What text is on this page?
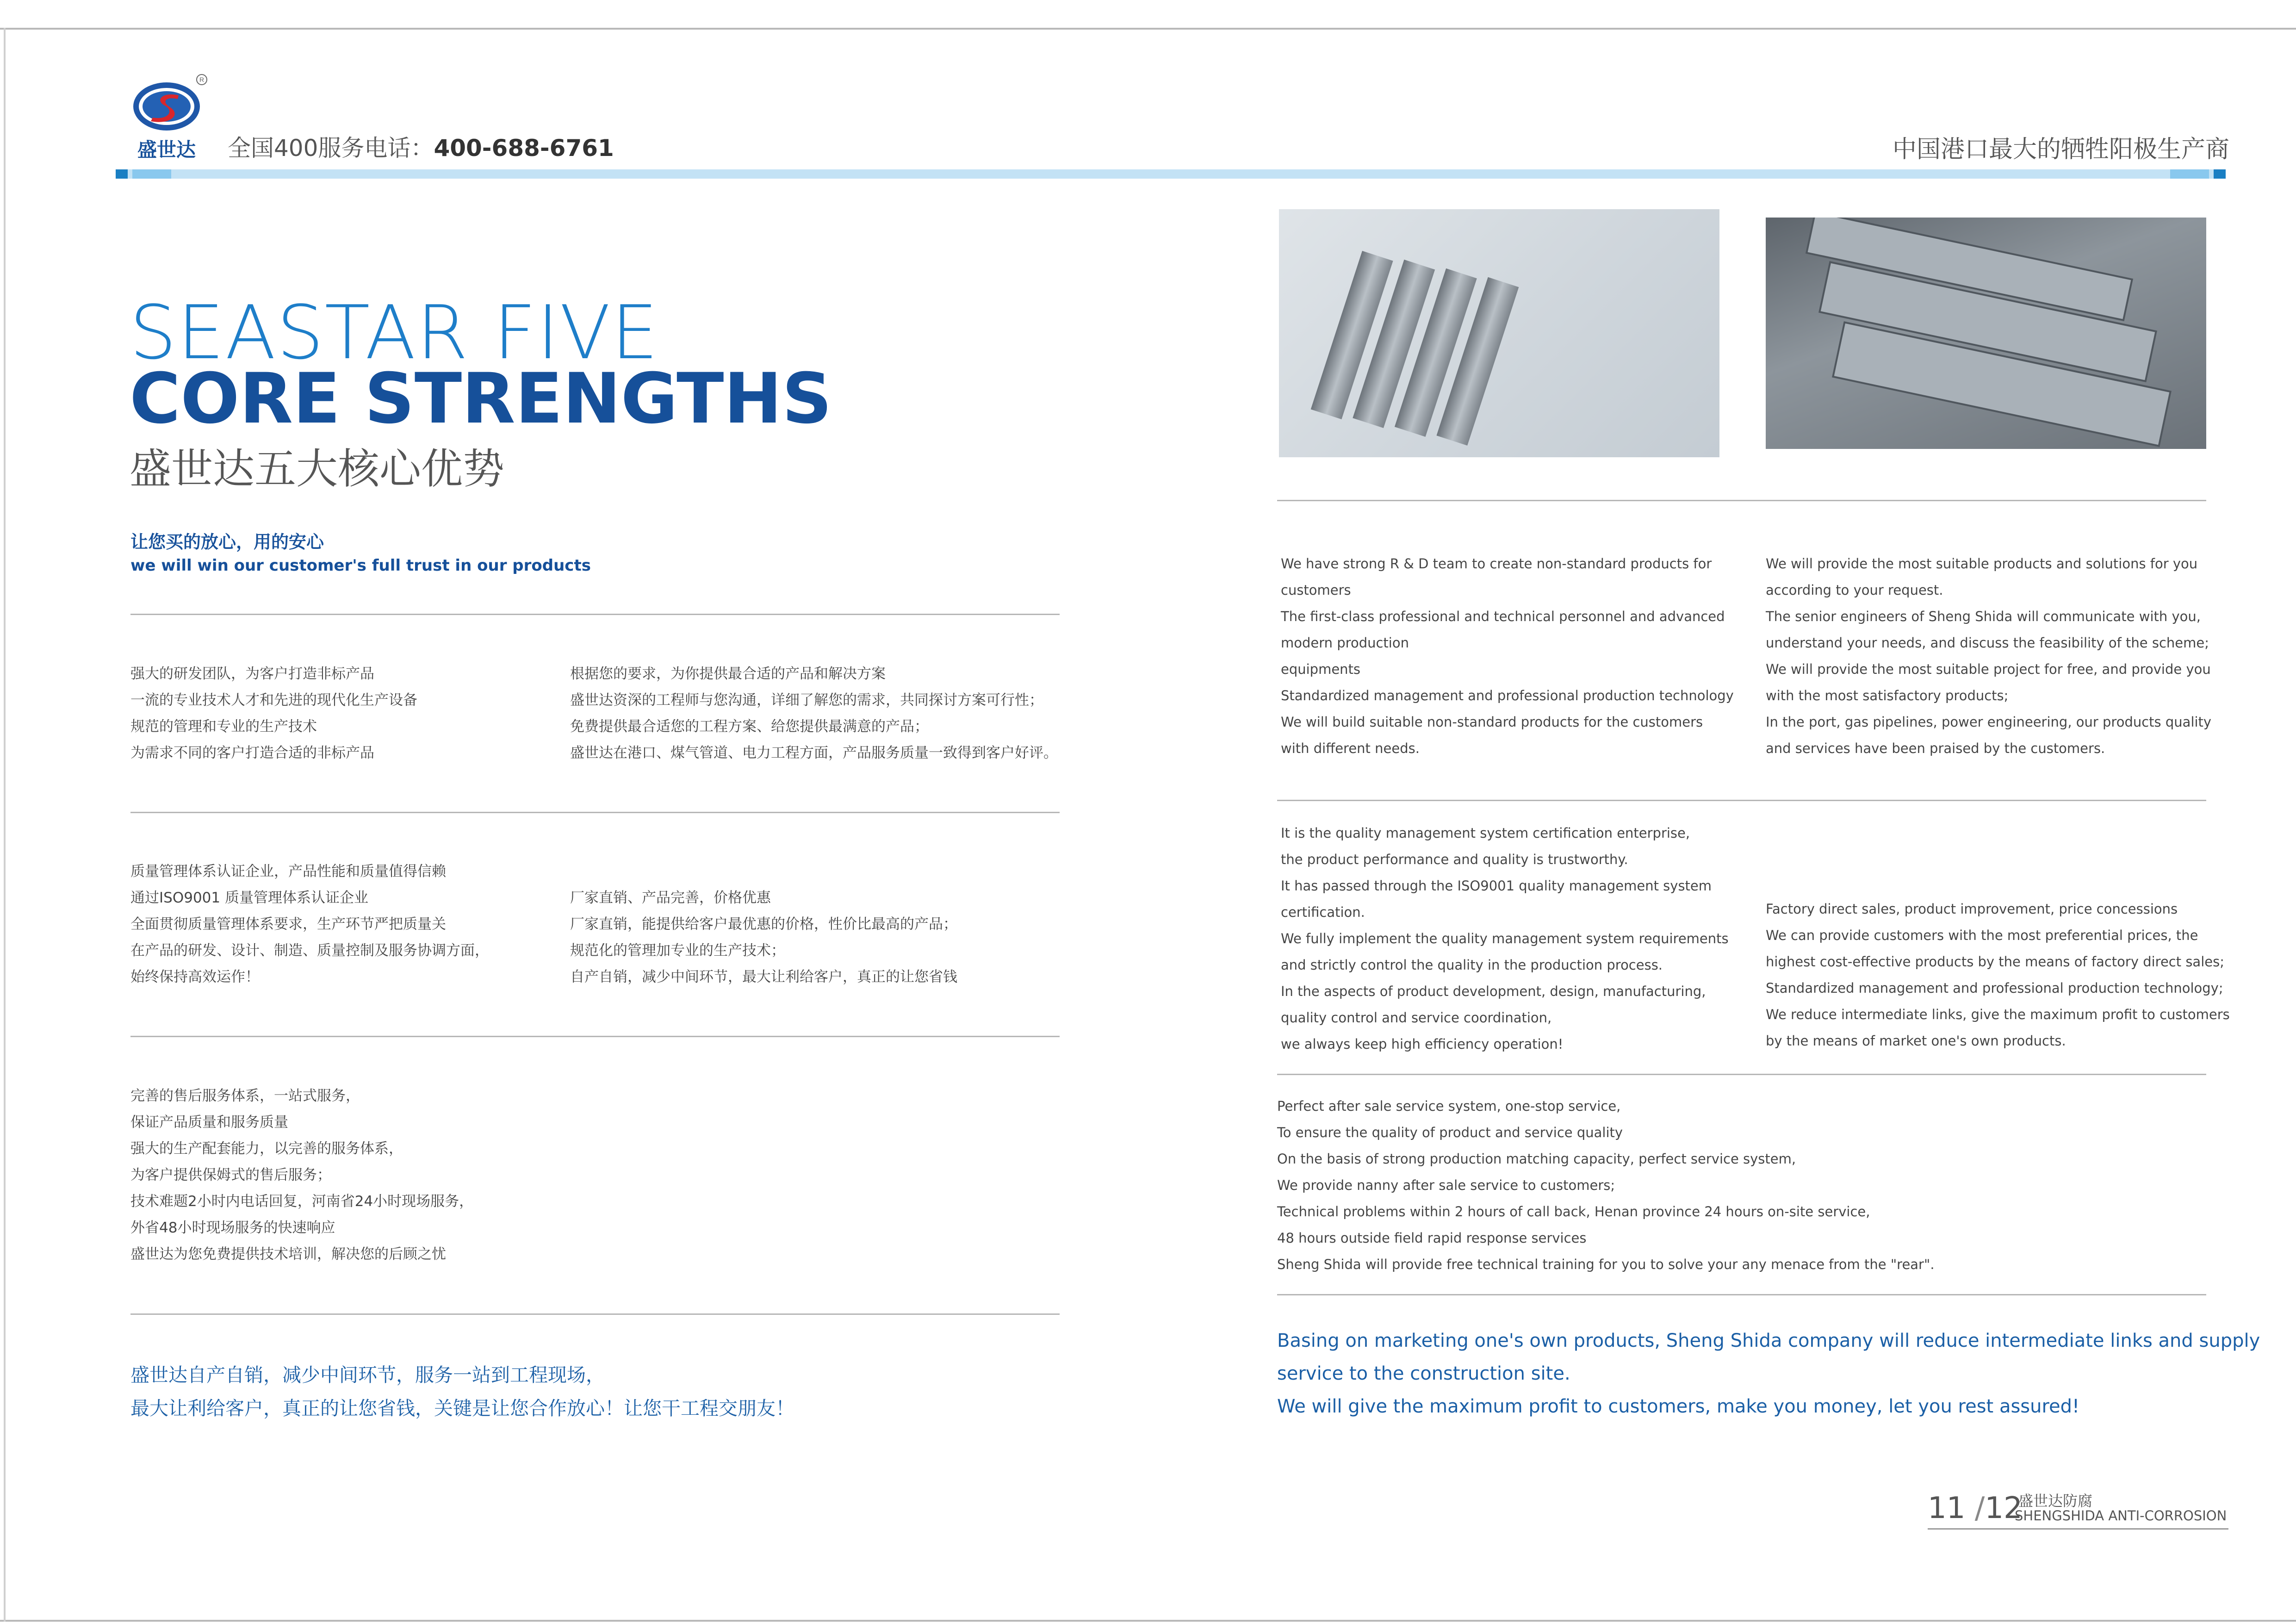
盛世达
R
全国400服务电话：400-688-6761	中国港口最大的牺牲阳极生产商
SEASTAR FIVE
CORE STRENGTHS
盛世达五大核心优势
让您买的放心，用的安心
we will win our customer's full trust in our products
强大的研发团队，为客户打造非标产品
一流的专业技术人才和先进的现代化生产设备
规范的管理和专业的生产技术
为需求不同的客户打造合适的非标产品
根据您的要求，为你提供最合适的产品和解决方案
盛世达资深的工程师与您沟通，详细了解您的需求，共同探讨方案可行性；
免费提供最合适您的工程方案、给您提供最满意的产品；
盛世达在港口、煤气管道、电力工程方面，产品服务质量一致得到客户好评。
质量管理体系认证企业，产品性能和质量值得信赖
通过ISO9001 质量管理体系认证企业
全面贯彻质量管理体系要求，生产环节严把质量关
在产品的研发、设计、制造、质量控制及服务协调方面，
始终保持高效运作！
厂家直销、产品完善，价格优惠
厂家直销，能提供给客户最优惠的价格，性价比最高的产品；
规范化的管理加专业的生产技术；
自产自销，减少中间环节，最大让利给客户，真正的让您省钱
完善的售后服务体系，一站式服务，
保证产品质量和服务质量
强大的生产配套能力，以完善的服务体系，
为客户提供保姆式的售后服务；
技术难题2小时内电话回复，河南省24小时现场服务，
外省48小时现场服务的快速响应
盛世达为您免费提供技术培训，解决您的后顾之忧
盛世达自产自销，减少中间环节，服务一站到工程现场，
最大让利给客户，真正的让您省钱，关键是让您合作放心！让您干工程交朋友！
We have strong R & D team to create non-standard products for
customers
The first-class professional and technical personnel and advanced
modern production
equipments
Standardized management and professional production technology
We will build suitable non-standard products for the customers
with different needs.
We will provide the most suitable products and solutions for you
according to your request.
The senior engineers of Sheng Shida will communicate with you,
understand your needs, and discuss the feasibility of the scheme;
We will provide the most suitable project for free, and provide you
with the most satisfactory products;
In the port, gas pipelines, power engineering, our products quality
and services have been praised by the customers.
It is the quality management system certification enterprise,
the product performance and quality is trustworthy.
It has passed through the ISO9001 quality management system
certification.
We fully implement the quality management system requirements
and strictly control the quality in the production process.
In the aspects of product development, design, manufacturing,
quality control and service coordination,
we always keep high efficiency operation!
Factory direct sales, product improvement, price concessions
We can provide customers with the most preferential prices, the
highest cost-effective products by the means of factory direct sales;
Standardized management and professional production technology;
We reduce intermediate links, give the maximum profit to customers
by the means of market one's own products.
Perfect after sale service system, one-stop service,
To ensure the quality of product and service quality
On the basis of strong production matching capacity, perfect service system,
We provide nanny after sale service to customers;
Technical problems within 2 hours of call back, Henan province 24 hours on-site service,
48 hours outside field rapid response services
Sheng Shida will provide free technical training for you to solve your any menace from the "rear".
Basing on marketing one's own products, Sheng Shida company will reduce intermediate links and supply
service to the construction site.
We will give the maximum profit to customers, make you money, let you rest assured!
11 /12
盛世达防腐
SHENGSHIDA ANTI-CORROSION
